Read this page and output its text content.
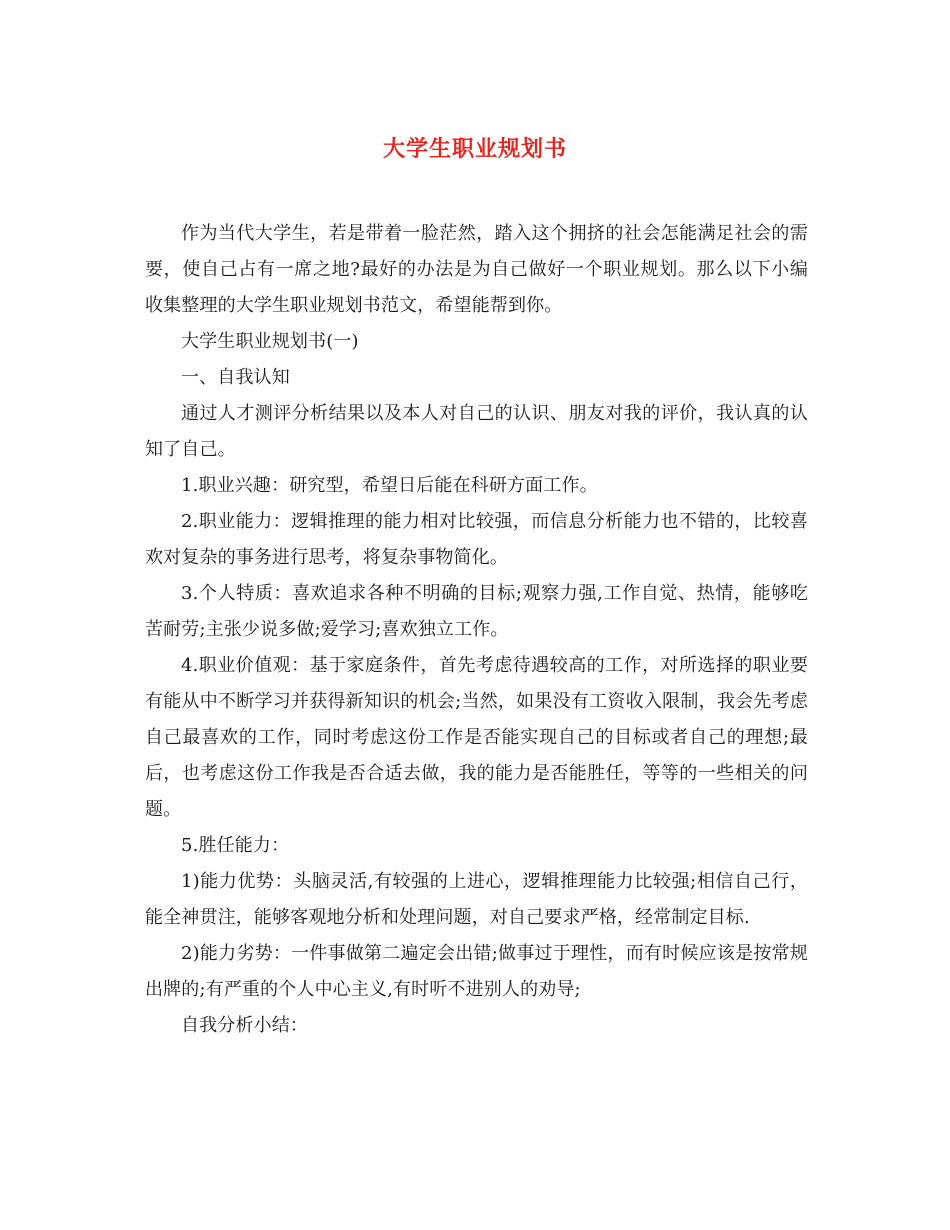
大学生职业规划书

作为当代大学生，若是带着一脸茫然，踏入这个拥挤的社会怎能满足社会的需要，使自己占有一席之地?最好的办法是为自己做好一个职业规划。那么以下小编收集整理的大学生职业规划书范文，希望能帮到你。

大学生职业规划书(一)

一、自我认知

通过人才测评分析结果以及本人对自己的认识、朋友对我的评价，我认真的认知了自己。

1.职业兴趣：研究型，希望日后能在科研方面工作。

2.职业能力：逻辑推理的能力相对比较强，而信息分析能力也不错的，比较喜欢对复杂的事务进行思考，将复杂事物简化。

3.个人特质：喜欢追求各种不明确的目标;观察力强,工作自觉、热情，能够吃苦耐劳;主张少说多做;爱学习;喜欢独立工作。

4.职业价值观：基于家庭条件，首先考虑待遇较高的工作，对所选择的职业要有能从中不断学习并获得新知识的机会;当然，如果没有工资收入限制，我会先考虑自己最喜欢的工作，同时考虑这份工作是否能实现自己的目标或者自己的理想;最后，也考虑这份工作我是否合适去做，我的能力是否能胜任，等等的一些相关的问题。

5.胜任能力：

1)能力优势：头脑灵活,有较强的上进心，逻辑推理能力比较强;相信自己行，能全神贯注，能够客观地分析和处理问题，对自己要求严格，经常制定目标.

2)能力劣势：一件事做第二遍定会出错;做事过于理性，而有时候应该是按常规出牌的;有严重的个人中心主义,有时听不进别人的劝导;

自我分析小结：
